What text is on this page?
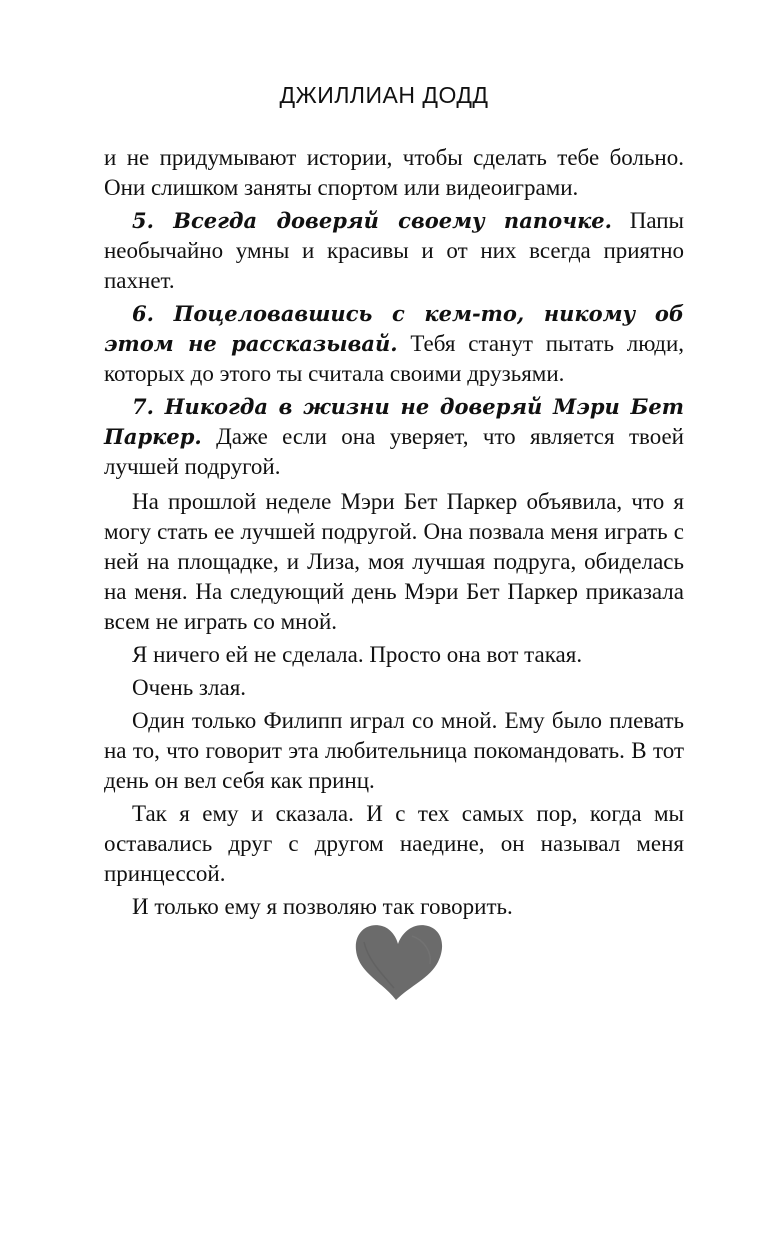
ДЖИЛЛИАН ДОДД

и не придумывают истории, чтобы сделать тебе больно. Они слишком заняты спортом или видеоиграми.

5. Всегда доверяй своему папочке. Папы необычайно умны и красивы и от них всегда приятно пахнет.

6. Поцеловавшись с кем-то, никому об этом не рассказывай. Тебя станут пытать люди, которых до этого ты считала своими друзьями.

7. Никогда в жизни не доверяй Мэри Бет Паркер. Даже если она уверяет, что является твоей лучшей подругой.

На прошлой неделе Мэри Бет Паркер объявила, что я могу стать ее лучшей подругой. Она позвала меня играть с ней на площадке, и Лиза, моя лучшая подруга, обиделась на меня. На следующий день Мэри Бет Паркер приказала всем не играть со мной.

Я ничего ей не сделала. Просто она вот такая.

Очень злая.

Один только Филипп играл со мной. Ему было плевать на то, что говорит эта любительница покомандовать. В тот день он вел себя как принц.

Так я ему и сказала. И с тех самых пор, когда мы оставались друг с другом наедине, он называл меня принцессой.

И только ему я позволяю так говорить.
